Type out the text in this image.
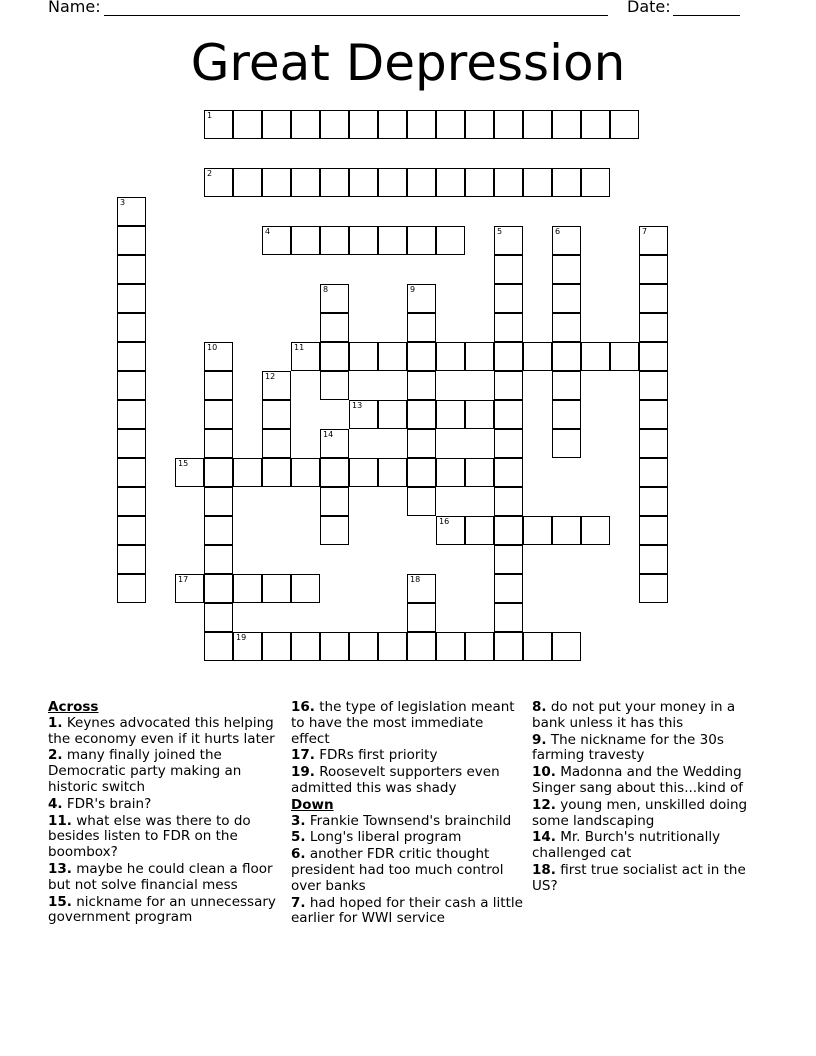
Name:	Date:
Great Depression
1
2
3
4	5	6	7
8	9
10	11
12
13
14
15
16
17	18
19
Across
1. Keynes advocated this helping the economy even if it hurts later
2. many finally joined the Democratic party making an historic switch
4. FDR's brain?
11. what else was there to do besides listen to FDR on the boombox?
13. maybe he could clean a floor but not solve financial mess
15. nickname for an unnecessary government program
16. the type of legislation meant to have the most immediate effect
17. FDRs first priority
19. Roosevelt supporters even admitted this was shady
Down
3. Frankie Townsend's brainchild
5. Long's liberal program
6. another FDR critic thought president had too much control over banks
7. had hoped for their cash a little earlier for WWI service
8. do not put your money in a bank unless it has this
9. The nickname for the 30s farming travesty
10. Madonna and the Wedding Singer sang about this...kind of
12. young men, unskilled doing some landscaping
14. Mr. Burch's nutritionally challenged cat
18. first true socialist act in the US?
